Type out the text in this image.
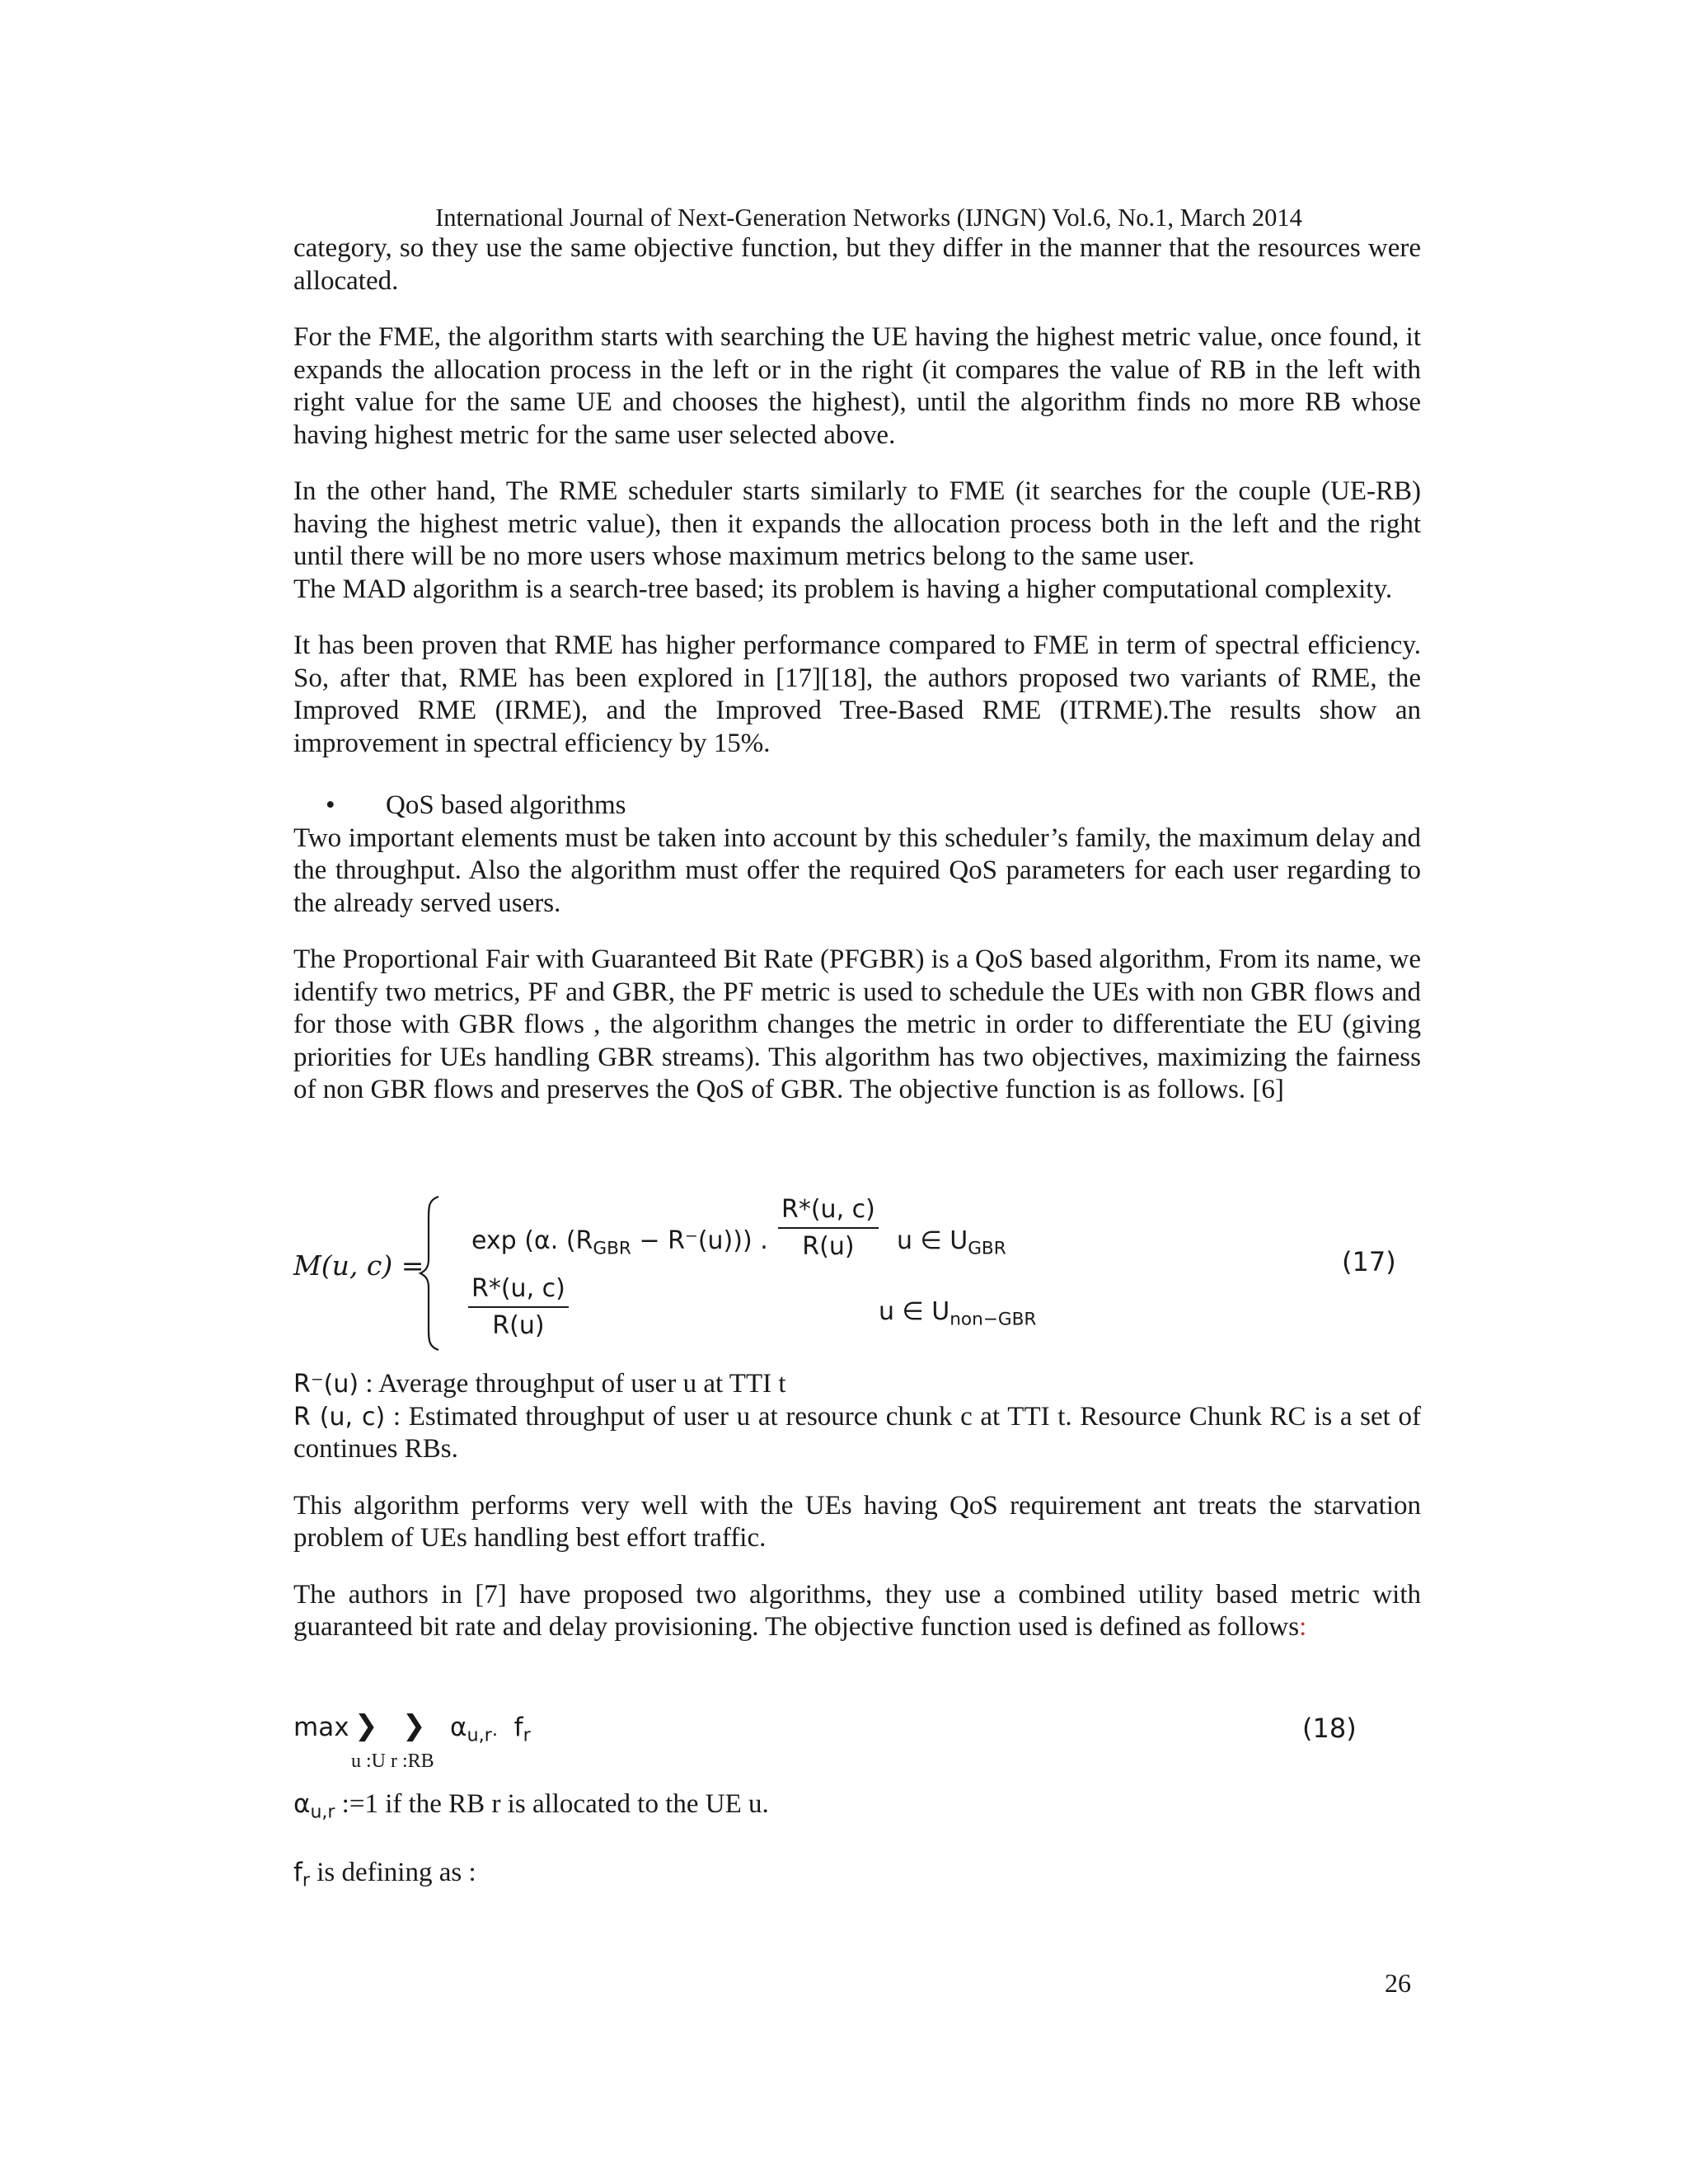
International Journal of Next-Generation Networks (IJNGN) Vol.6, No.1, March 2014

category, so they use the same objective function, but they differ in the manner that the resources were allocated.

For the FME, the algorithm starts with searching the UE having the highest metric value, once found, it expands the allocation process in the left or in the right (it compares the value of RB in the left with right value for the same UE and chooses the highest), until the algorithm finds no more RB whose having highest metric for the same user selected above.

In the other hand, The RME scheduler starts similarly to FME (it searches for the couple (UE-RB) having the highest metric value), then it expands the allocation process both in the left and the right until there will be no more users whose maximum metrics belong to the same user.

The MAD algorithm is a search-tree based; its problem is having a higher computational complexity.

It has been proven that RME has higher performance compared to FME in term of spectral efficiency. So, after that, RME has been explored in [17][18], the authors proposed two variants of RME, the Improved RME (IRME), and the Improved Tree-Based RME (ITRME).The results show an improvement in spectral efficiency by 15%.

• QoS based algorithms

Two important elements must be taken into account by this scheduler’s family, the maximum delay and the throughput. Also the algorithm must offer the required QoS parameters for each user regarding to the already served users.

The Proportional Fair with Guaranteed Bit Rate (PFGBR) is a QoS based algorithm, From its name, we identify two metrics, PF and GBR, the PF metric is used to schedule the UEs with non GBR flows and for those with GBR flows , the algorithm changes the metric in order to differentiate the EU (giving priorities for UEs handling GBR streams). This algorithm has two objectives, maximizing the fairness of non GBR flows and preserves the QoS of GBR. The objective function is as follows. [6]

M(u, c) =
exp (α. $(R_{GBR} - R^-(u))$) . $\frac{R*(u, c)}{R(u)}$ u ∈ $U_{GBR}$
$\frac{R*(u, c)}{R(u)}$	u ∈ $U_{non-GBR}$
(17)

R⁻(u) : Average throughput of user u at TTI t

R (u, c) : Estimated throughput of user u at resource chunk c at TTI t. Resource Chunk RC is a set of continues RBs.

This algorithm performs very well with the UEs having QoS requirement ant treats the starvation problem of UEs handling best effort traffic.

The authors in [7] have proposed two algorithms, they use a combined utility based metric with guaranteed bit rate and delay provisioning. The objective function used is defined as follows:

max ❯ ❯ $\alpha_{u,r\cdot}$ $f_r$
u :U r :RB
(18)

$\alpha_{u,r}$ :=1 if the RB r is allocated to the UE u.

$f_r$ is defining as :

26
